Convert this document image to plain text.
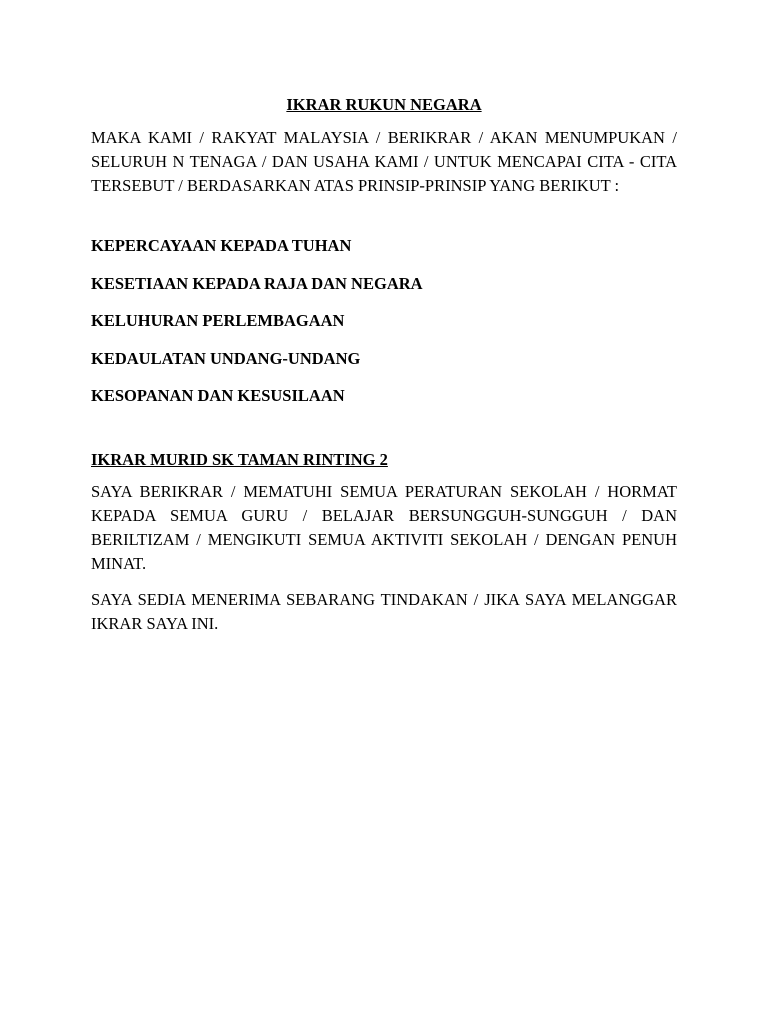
IKRAR RUKUN NEGARA

MAKA KAMI / RAKYAT MALAYSIA / BERIKRAR / AKAN MENUMPUKAN / SELURUH N TENAGA / DAN USAHA KAMI / UNTUK MENCAPAI CITA - CITA TERSEBUT / BERDASARKAN ATAS PRINSIP-PRINSIP YANG BERIKUT :

KEPERCAYAAN KEPADA TUHAN
KESETIAAN KEPADA RAJA DAN NEGARA
KELUHURAN PERLEMBAGAAN
KEDAULATAN UNDANG-UNDANG
KESOPANAN DAN KESUSILAAN
IKRAR MURID SK TAMAN RINTING 2

SAYA BERIKRAR / MEMATUHI SEMUA PERATURAN SEKOLAH / HORMAT KEPADA SEMUA GURU / BELAJAR BERSUNGGUH-SUNGGUH / DAN BERILTIZAM / MENGIKUTI SEMUA AKTIVITI SEKOLAH / DENGAN PENUH MINAT.

SAYA SEDIA MENERIMA SEBARANG TINDAKAN / JIKA SAYA MELANGGAR IKRAR SAYA INI.
